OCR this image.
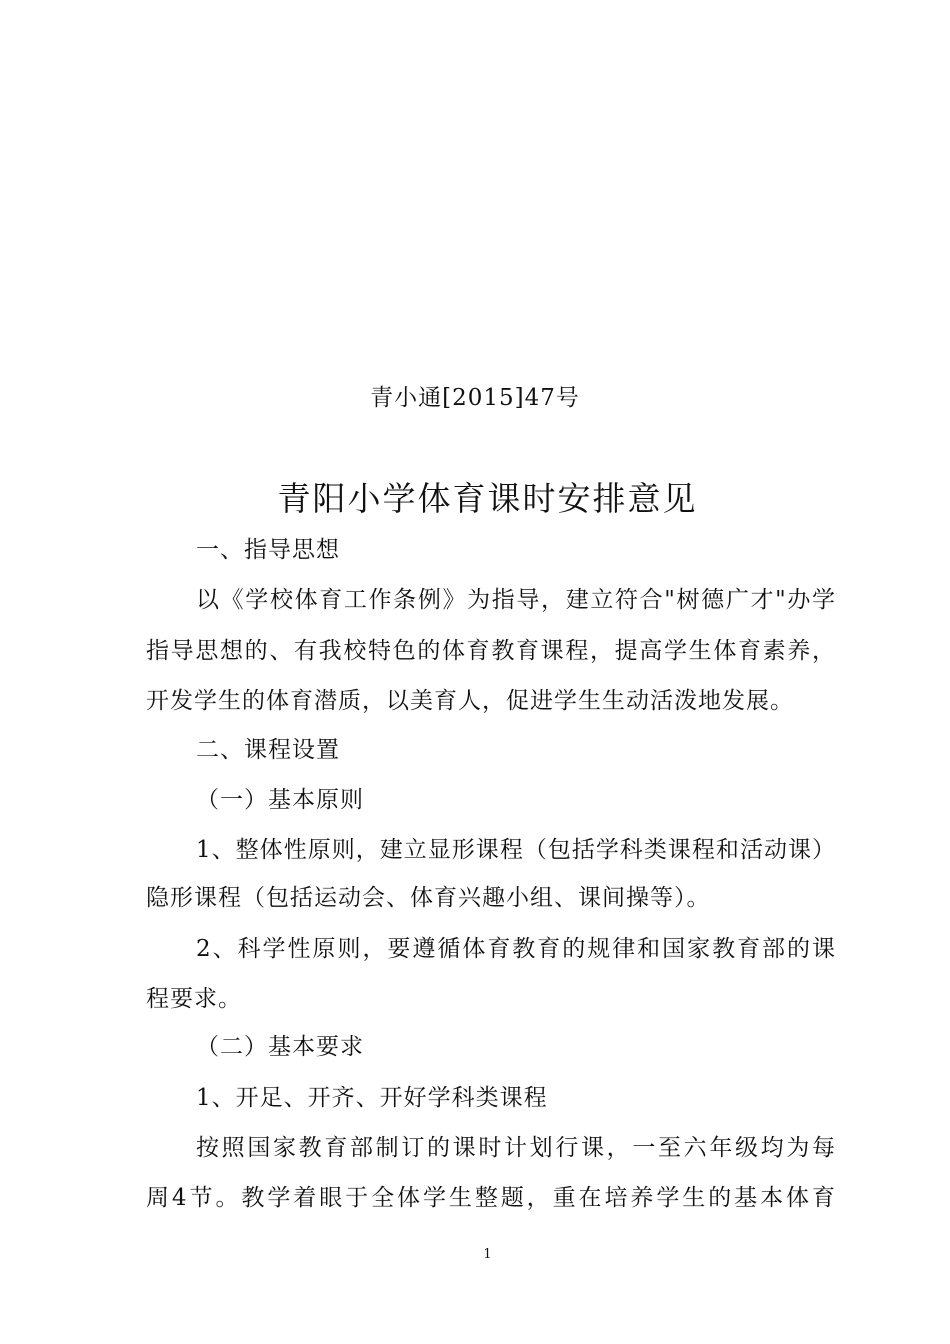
青小通[2015]47号
青阳小学体育课时安排意见
一、指导思想
以《学校体育工作条例》为指导，建立符合"树德广才"办学
指导思想的、有我校特色的体育教育课程，提高学生体育素养，
开发学生的体育潜质，以美育人，促进学生生动活泼地发展。
二、课程设置
（一）基本原则
1、整体性原则，建立显形课程（包括学科类课程和活动课）
隐形课程（包括运动会、体育兴趣小组、课间操等）。
2、科学性原则，要遵循体育教育的规律和国家教育部的课
程要求。
（二）基本要求
1、开足、开齐、开好学科类课程
按照国家教育部制订的课时计划行课，一至六年级均为每
周4节。教学着眼于全体学生整题，重在培养学生的基本体育
1
